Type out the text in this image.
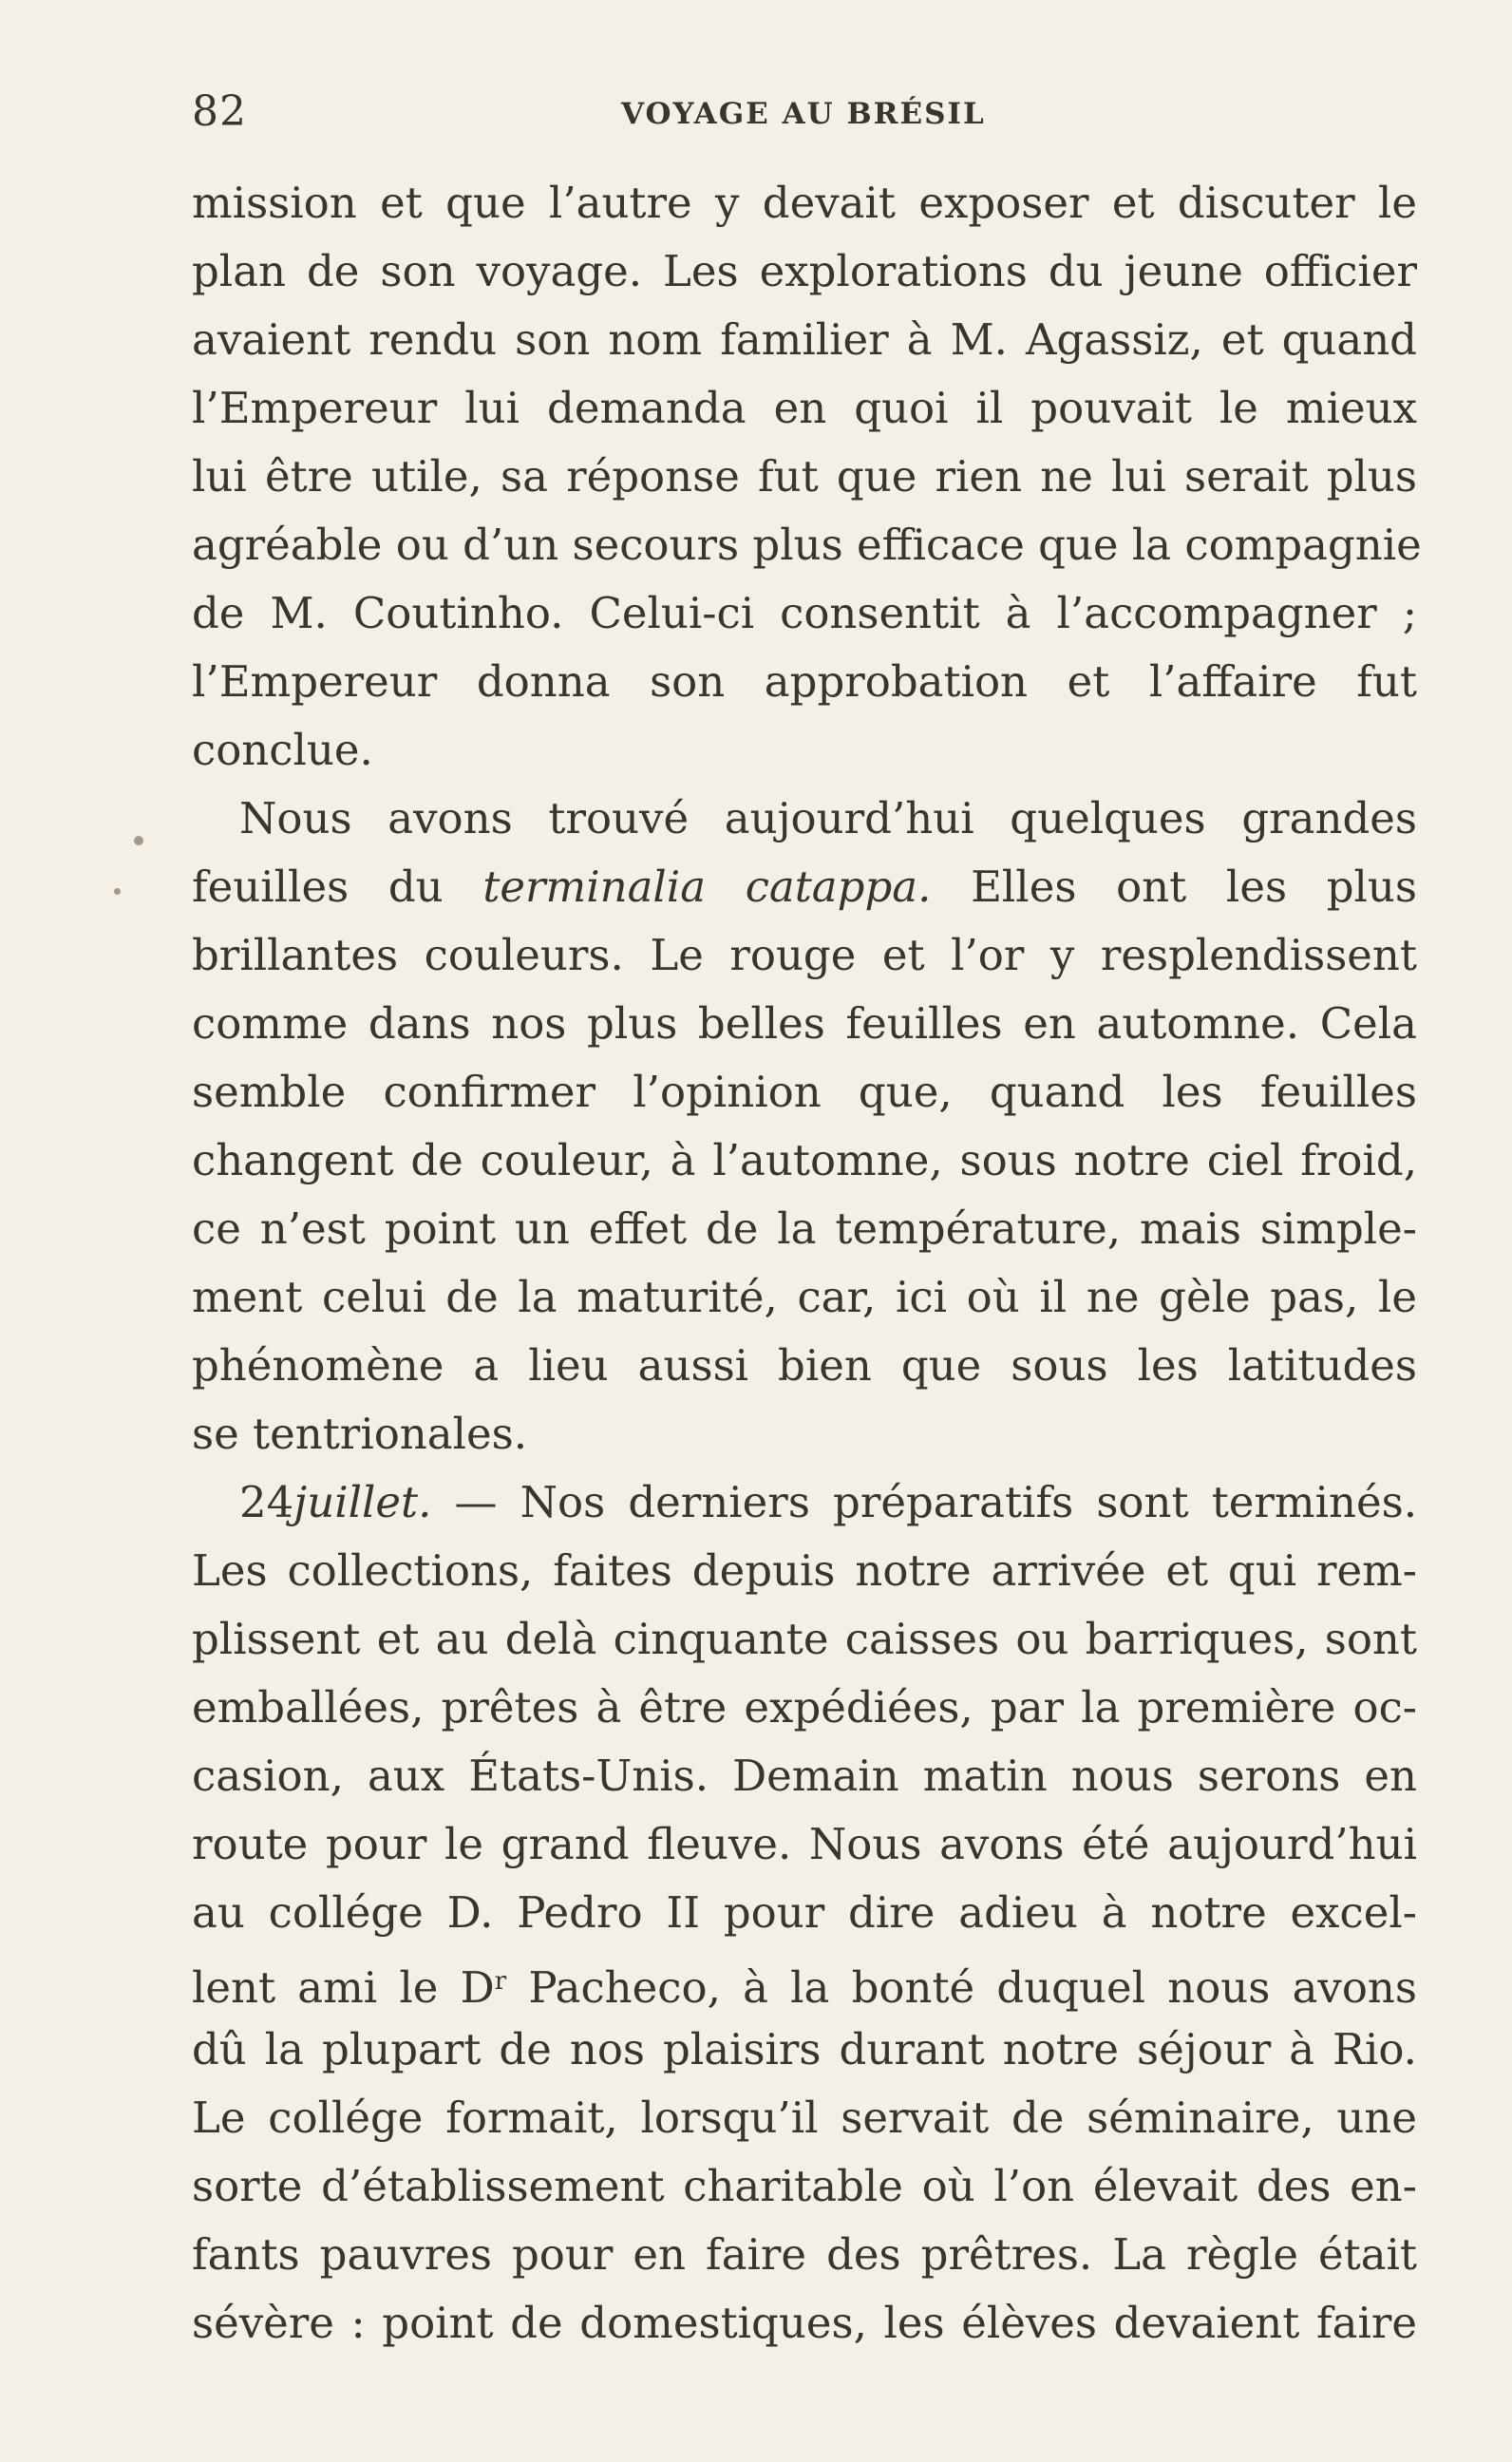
82	VOYAGE AU BRÉSIL
mission et que l’autre y devait exposer et discuter le
plan de son voyage. Les explorations du jeune officier
avaient rendu son nom familier à M. Agassiz, et quand
l’Empereur lui demanda en quoi il pouvait le mieux
lui être utile, sa réponse fut que rien ne lui serait plus
agréable ou d’un secours plus efficace que la compagnie
de M. Coutinho. Celui-ci consentit à l’accompagner ;
l’Empereur donna son approbation et l’affaire fut
conclue.
Nous avons trouvé aujourd’hui quelques grandes
feuilles du terminalia catappa. Elles ont les plus
brillantes couleurs. Le rouge et l’or y resplendissent
comme dans nos plus belles feuilles en automne. Cela
semble confirmer l’opinion que, quand les feuilles
changent de couleur, à l’automne, sous notre ciel froid,
ce n’est point un effet de la température, mais simple-
ment celui de la maturité, car, ici où il ne gèle pas, le
phénomène a lieu aussi bien que sous les latitudes
se tentrionales.
24juillet. — Nos derniers préparatifs sont terminés.
Les collections, faites depuis notre arrivée et qui rem-
plissent et au delà cinquante caisses ou barriques, sont
emballées, prêtes à être expédiées, par la première oc-
casion, aux États-Unis. Demain matin nous serons en
route pour le grand fleuve. Nous avons été aujourd’hui
au collége D. Pedro II pour dire adieu à notre excel-
lent ami le $D^r$ Pacheco, à la bonté duquel nous avons
dû la plupart de nos plaisirs durant notre séjour à Rio.
Le collége formait, lorsqu’il servait de séminaire, une
sorte d’établissement charitable où l’on élevait des en-
fants pauvres pour en faire des prêtres. La règle était
sévère : point de domestiques, les élèves devaient faire
